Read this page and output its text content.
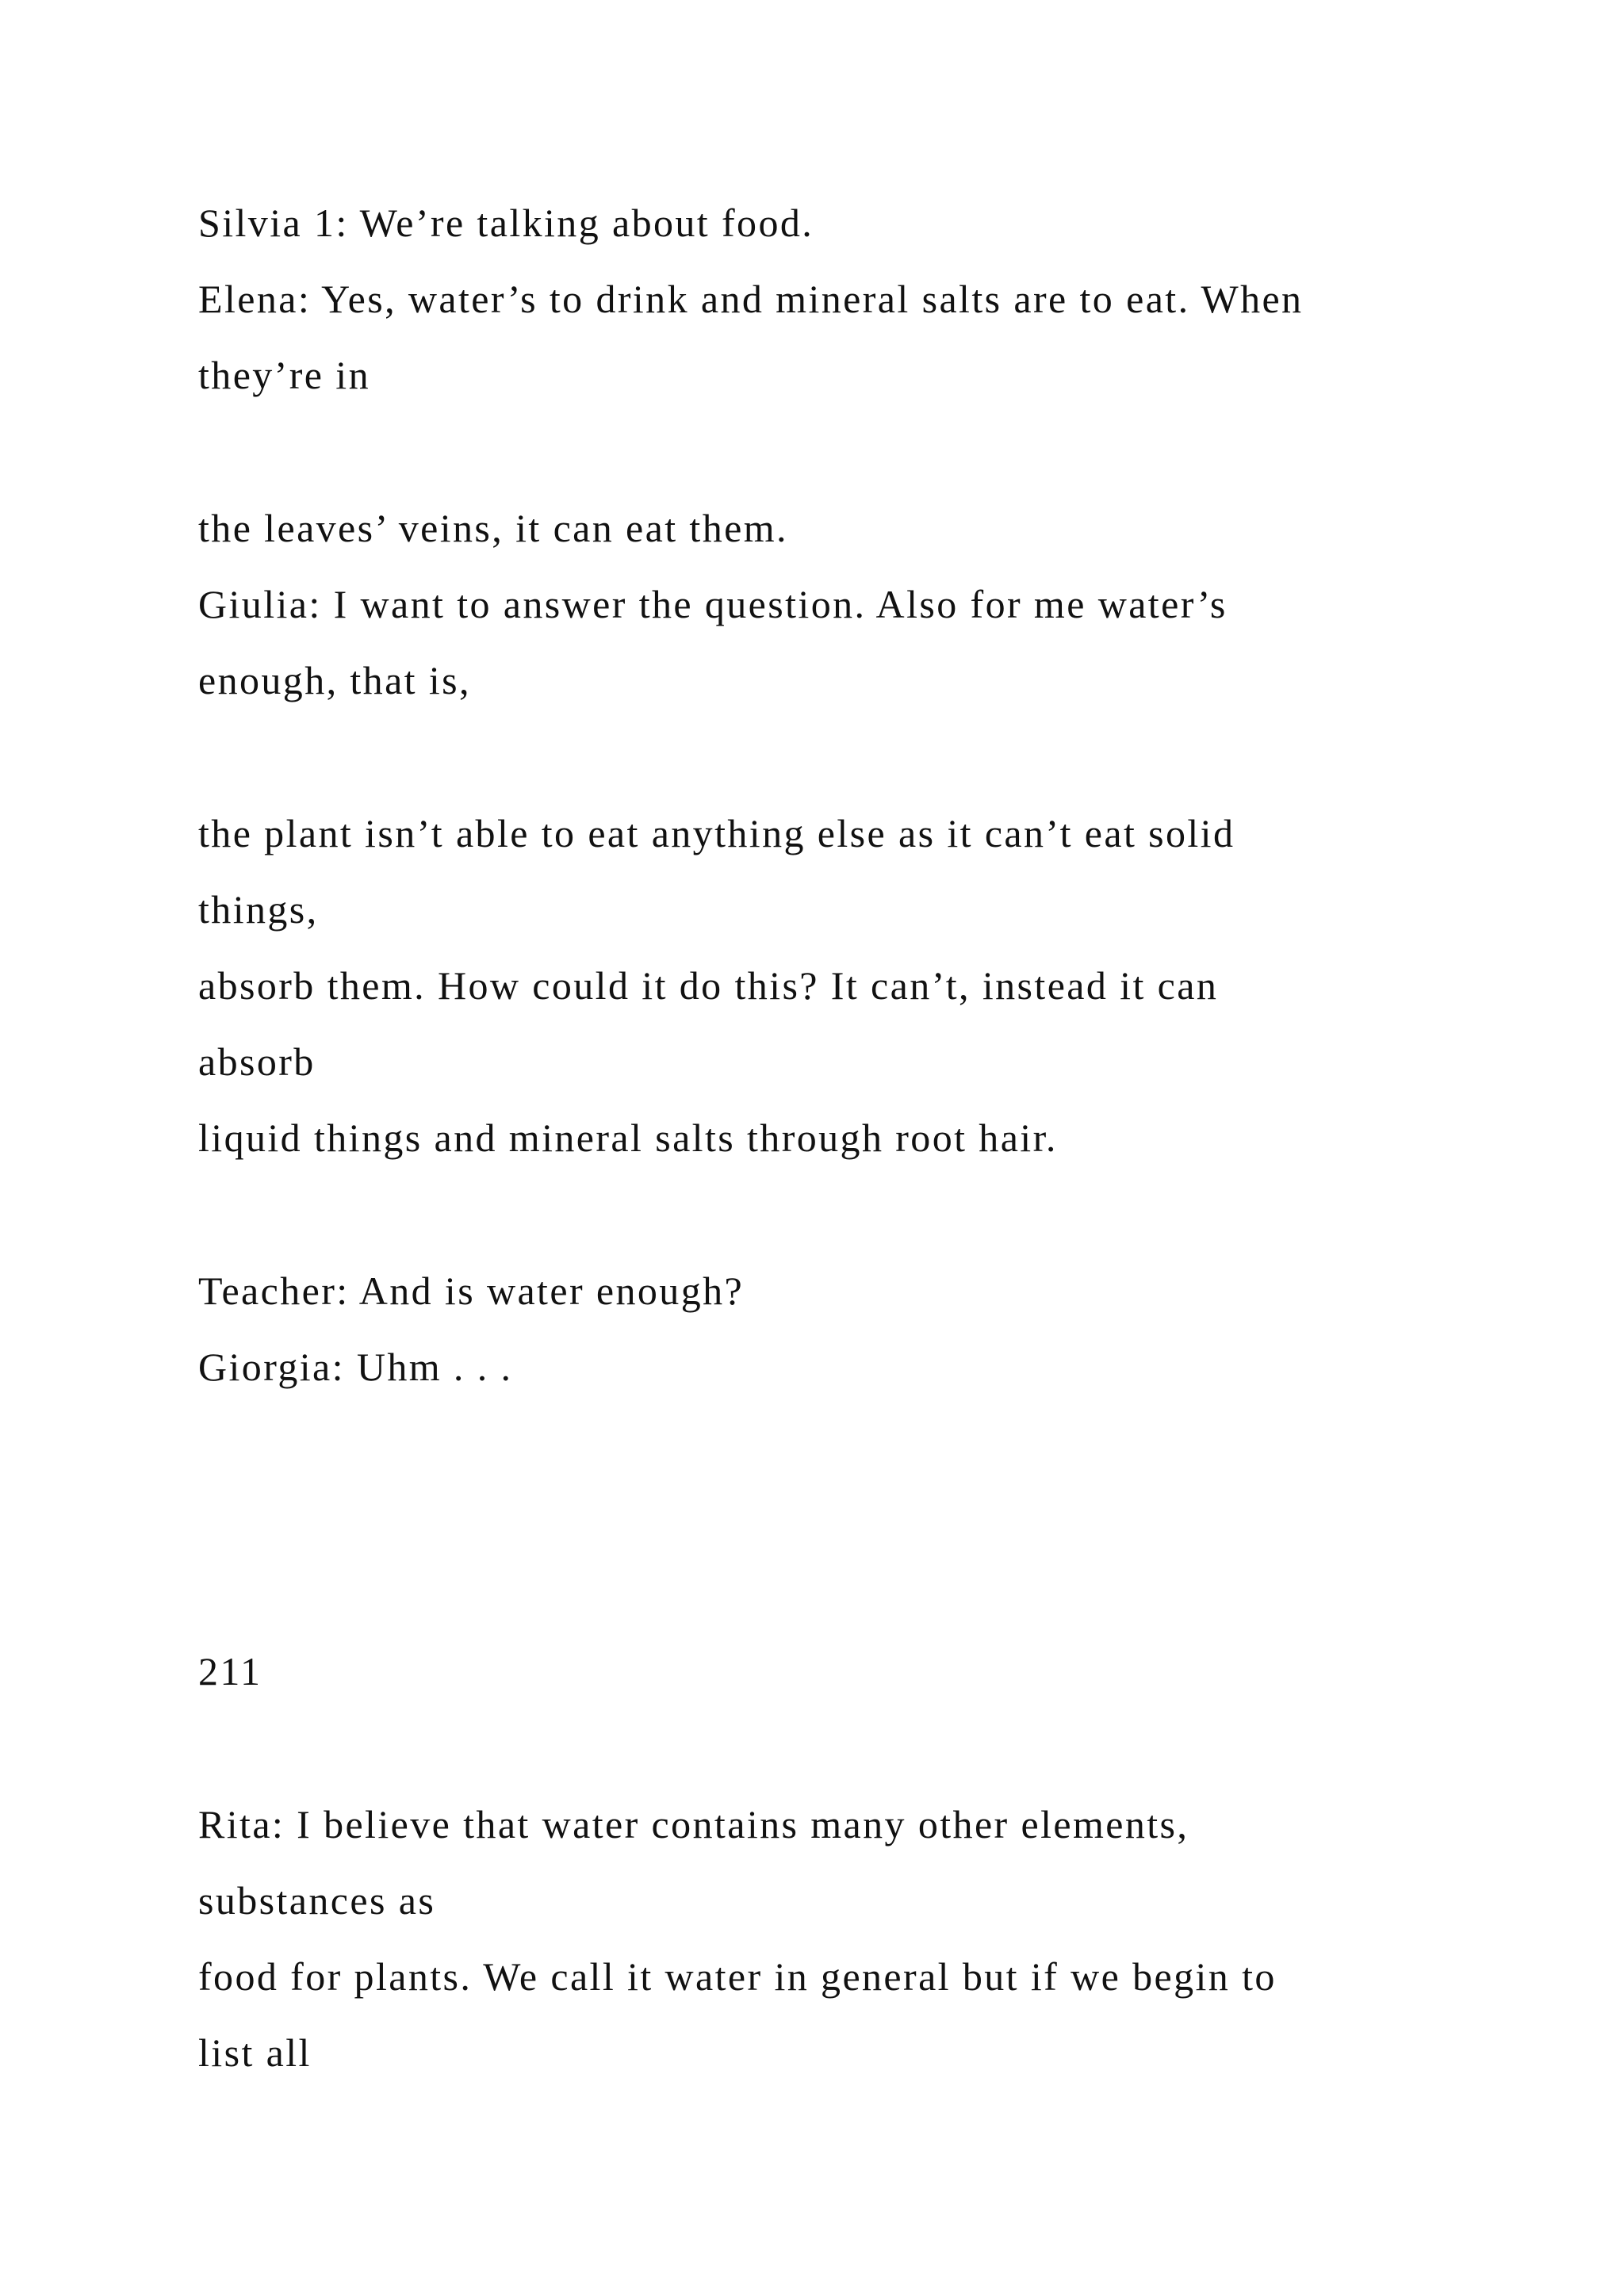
Silvia 1: We’re talking about food.
Elena: Yes, water’s to drink and mineral salts are to eat. When
they’re in
the leaves’ veins, it can eat them.
Giulia: I want to answer the question. Also for me water’s
enough, that is,
the plant isn’t able to eat anything else as it can’t eat solid
things,
absorb them. How could it do this? It can’t, instead it can
absorb
liquid things and mineral salts through root hair.
Teacher: And is water enough?
Giorgia: Uhm . . .
211
Rita: I believe that water contains many other elements,
substances as
food for plants. We call it water in general but if we begin to
list all
